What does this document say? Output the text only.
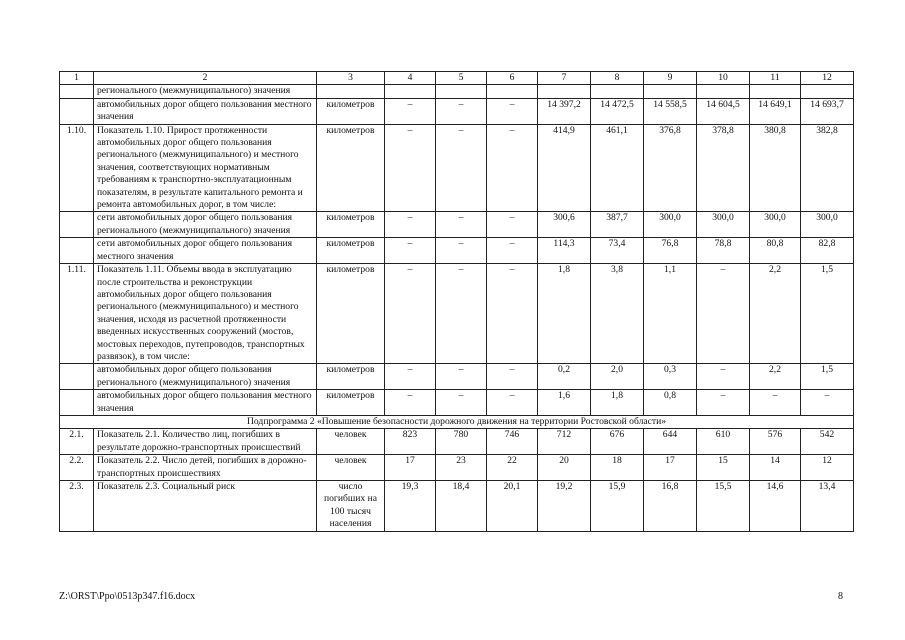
1	2	3	4	5	6	7	8	9	10	11	12
	регионального (межмуниципального) значения										
	автомобильных дорог общего пользования местного значения	километров	–	–	–	14 397,2	14 472,5	14 558,5	14 604,5	14 649,1	14 693,7
1.10.	Показатель 1.10. Прирост протяженности автомобильных дорог общего пользования регионального (межмуниципального) и местного значения, соответствующих нормативным требованиям к транспортно-эксплуатационным показателям, в результате капитального ремонта и ремонта автомобильных дорог, в том числе:	километров	–	–	–	414,9	461,1	376,8	378,8	380,8	382,8
	сети автомобильных дорог общего пользования регионального (межмуниципального) значения	километров	–	–	–	300,6	387,7	300,0	300,0	300,0	300,0
	сети автомобильных дорог общего пользования местного значения	километров	–	–	–	114,3	73,4	76,8	78,8	80,8	82,8
1.11.	Показатель 1.11. Объемы ввода в эксплуатацию после строительства и реконструкции автомобильных дорог общего пользования регионального (межмуниципального) и местного значения, исходя из расчетной протяженности введенных искусственных сооружений (мостов, мостовых переходов, путепроводов, транспортных развязок), в том числе:	километров	–	–	–	1,8	3,8	1,1	–	2,2	1,5
	автомобильных дорог общего пользования регионального (межмуниципального) значения	километров	–	–	–	0,2	2,0	0,3	–	2,2	1,5
	автомобильных дорог общего пользования местного значения	километров	–	–	–	1,6	1,8	0,8	–	–	–
Подпрограмма 2 «Повышение безопасности дорожного движения на территории Ростовской области»											
2.1.	Показатель 2.1. Количество лиц, погибших в результате дорожно-транспортных происшествий	человек	823	780	746	712	676	644	610	576	542
2.2.	Показатель 2.2. Число детей, погибших в дорожно-транспортных происшествиях	человек	17	23	22	20	18	17	15	14	12
2.3.	Показатель 2.3. Социальный риск	число погибших на 100 тысяч населения	19,3	18,4	20,1	19,2	15,9	16,8	15,5	14,6	13,4
Z:\ORST\Ppo\0513p347.f16.docx	8
